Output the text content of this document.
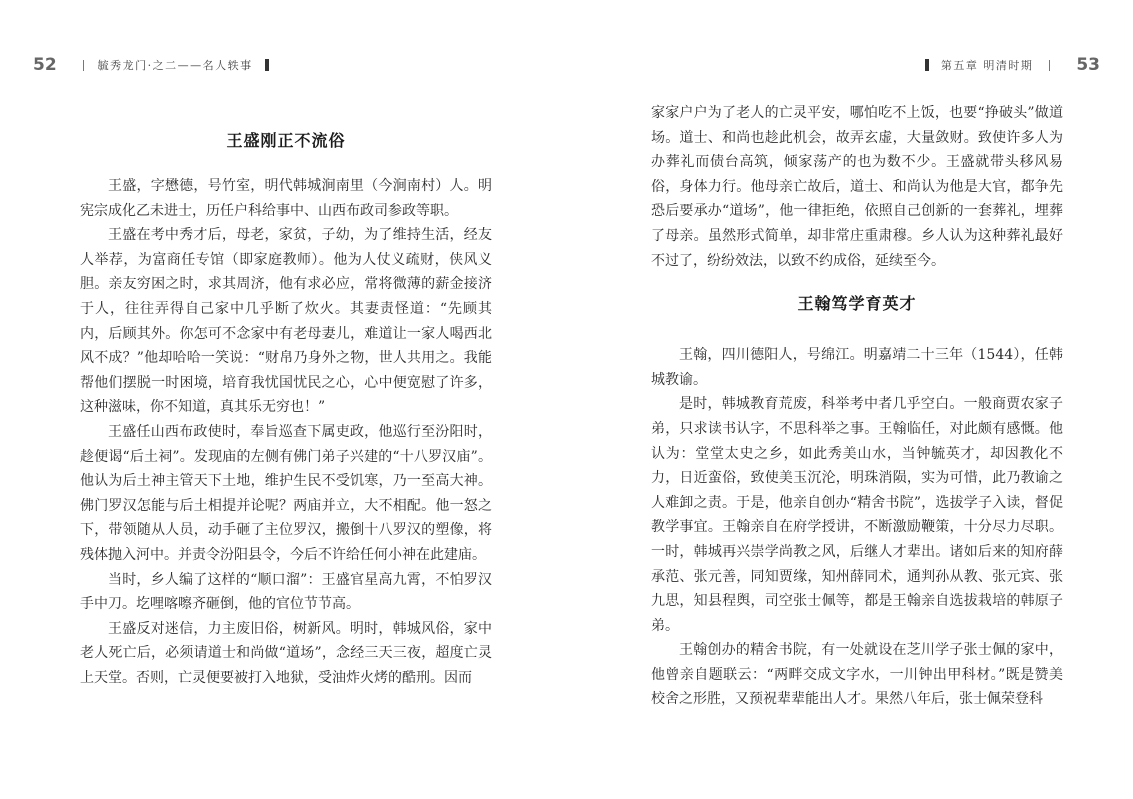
52	毓秀龙门·之二——名人轶事
王盛刚正不流俗

王盛，字懋德，号竹室，明代韩城涧南里（今涧南村）人。明宪宗成化乙未进士，历任户科给事中、山西布政司参政等职。

王盛在考中秀才后，母老，家贫，子幼，为了维持生活，经友人举荐，为富商任专馆（即家庭教师）。他为人仗义疏财，侠风义胆。亲友穷困之时，求其周济，他有求必应，常将微薄的薪金接济于人，往往弄得自己家中几乎断了炊火。其妻责怪道：“先顾其内，后顾其外。你怎可不念家中有老母妻儿，难道让一家人喝西北风不成？”他却哈哈一笑说：“财帛乃身外之物，世人共用之。我能帮他们摆脱一时困境，培育我忧国忧民之心，心中便宽慰了许多，这种滋味，你不知道，真其乐无穷也！”

王盛任山西布政使时，奉旨巡查下属吏政，他巡行至汾阳时，趁便谒“后土祠”。发现庙的左侧有佛门弟子兴建的“十八罗汉庙”。他认为后土神主管天下土地，维护生民不受饥寒，乃一至高大神。佛门罗汉怎能与后土相提并论呢？两庙并立，大不相配。他一怒之下，带领随从人员，动手砸了主位罗汉，搬倒十八罗汉的塑像，将残体抛入河中。并责令汾阳县令，今后不许给任何小神在此建庙。

当时，乡人编了这样的“顺口溜”：王盛官星高九霄，不怕罗汉手中刀。圪哩喀嚓齐砸倒，他的官位节节高。

王盛反对迷信，力主废旧俗，树新风。明时，韩城风俗，家中老人死亡后，必须请道士和尚做“道场”，念经三天三夜，超度亡灵上天堂。否则，亡灵便要被打入地狱，受油炸火烤的酷刑。因而

第五章 明清时期	53

家家户户为了老人的亡灵平安，哪怕吃不上饭，也要“挣破头”做道场。道士、和尚也趁此机会，故弄玄虚，大量敛财。致使许多人为办葬礼而债台高筑，倾家荡产的也为数不少。王盛就带头移风易俗，身体力行。他母亲亡故后，道士、和尚认为他是大官，都争先恐后要承办“道场”，他一律拒绝，依照自己创新的一套葬礼，埋葬了母亲。虽然形式简单，却非常庄重肃穆。乡人认为这种葬礼最好不过了，纷纷效法，以致不约成俗，延续至今。

王翰笃学育英才

王翰，四川德阳人，号绵江。明嘉靖二十三年（1544），任韩城教谕。

是时，韩城教育荒废，科举考中者几乎空白。一般商贾农家子弟，只求读书认字，不思科举之事。王翰临任，对此颇有感慨。他认为：堂堂太史之乡，如此秀美山水，当钟毓英才，却因教化不力，日近蛮俗，致使美玉沉沦，明珠消陨，实为可惜，此乃教谕之人难卸之责。于是，他亲自创办“精舍书院”，选拔学子入读，督促教学事宜。王翰亲自在府学授讲，不断激励鞭策，十分尽力尽职。一时，韩城再兴崇学尚教之风，后继人才辈出。诸如后来的知府薛承范、张元善，同知贾缘，知州薛同术，通判孙从教、张元宾、张九思，知县程舆，司空张士佩等，都是王翰亲自选拔栽培的韩原子弟。

王翰创办的精舍书院，有一处就设在芝川学子张士佩的家中，他曾亲自题联云：“两畔交成文字水，一川钟出甲科材。”既是赞美校舍之形胜，又预祝辈辈能出人才。果然八年后，张士佩荣登科
